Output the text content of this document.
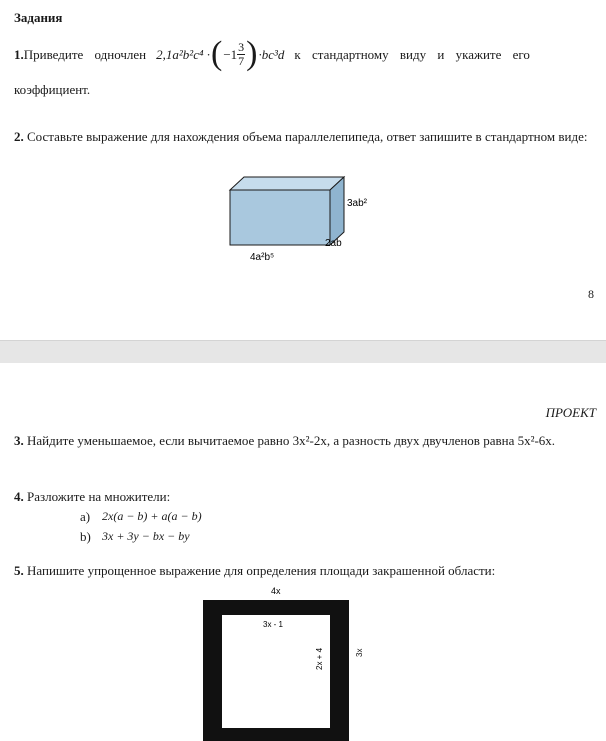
Задания
1. Приведите одночлен 2,1 a²b²c⁴ · ( $-1 \frac{3}{7}$ ) ·bc³d к стандартному виду и укажите его
коэффициент.
2. Составьте выражение для нахождения объема параллелепипеда, ответ запишите в стандартном виде:
3ab²
2ab
4a²b⁵
8
ПРОЕКТ
3. Найдите уменьшаемое, если вычитаемое равно 3x²-2x, а разность двух двучленов равна 5x²-6x.
4. Разложите на множители:
a) 2x(a − b) + a(a − b)
b) 3x + 3y − bx − by
5. Напишите упрощенное выражение для определения площади закрашенной области:
4x
3x - 1
2x + 4	3x
